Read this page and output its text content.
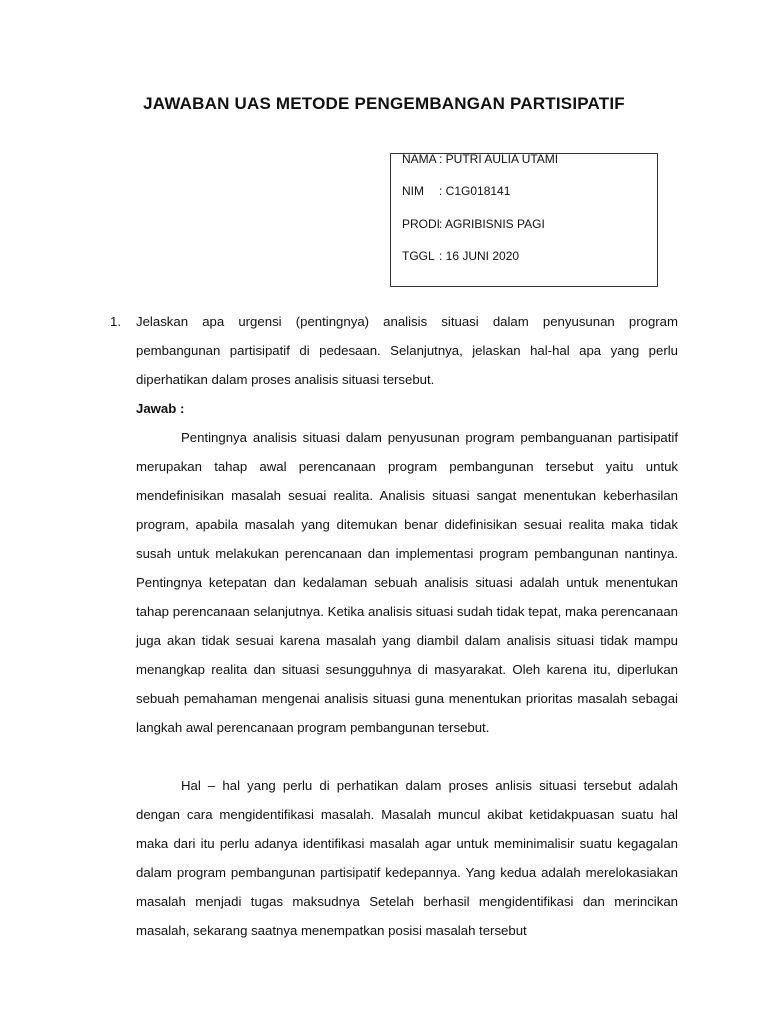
JAWABAN UAS METODE PENGEMBANGAN PARTISIPATIF
NAMA : PUTRI AULIA UTAMI
NIM : C1G018141
PRODI: AGRIBISNIS PAGI
TGGL : 16 JUNI 2020
1. Jelaskan apa urgensi (pentingnya) analisis situasi dalam penyusunan program pembangunan partisipatif di pedesaan. Selanjutnya, jelaskan hal-hal apa yang perlu diperhatikan dalam proses analisis situasi tersebut.

Jawab :

Pentingnya analisis situasi dalam penyusunan program pembanguanan partisipatif merupakan tahap awal perencanaan program pembangunan tersebut yaitu untuk mendefinisikan masalah sesuai realita. Analisis situasi sangat menentukan keberhasilan program, apabila masalah yang ditemukan benar didefinisikan sesuai realita maka tidak susah untuk melakukan perencanaan dan implementasi program pembangunan nantinya. Pentingnya ketepatan dan kedalaman sebuah analisis situasi adalah untuk menentukan tahap perencanaan selanjutnya. Ketika analisis situasi sudah tidak tepat, maka perencanaan juga akan tidak sesuai karena masalah yang diambil dalam analisis situasi tidak mampu menangkap realita dan situasi sesungguhnya di masyarakat. Oleh karena itu, diperlukan sebuah pemahaman mengenai analisis situasi guna menentukan prioritas masalah sebagai langkah awal perencanaan program pembangunan tersebut.

Hal – hal yang perlu di perhatikan dalam proses anlisis situasi tersebut adalah dengan cara mengidentifikasi masalah. Masalah muncul akibat ketidakpuasan suatu hal maka dari itu perlu adanya identifikasi masalah agar untuk meminimalisir suatu kegagalan dalam program pembangunan partisipatif kedepannya. Yang kedua adalah merelokasiakan masalah menjadi tugas maksudnya Setelah berhasil mengidentifikasi dan merincikan masalah, sekarang saatnya menempatkan posisi masalah tersebut
